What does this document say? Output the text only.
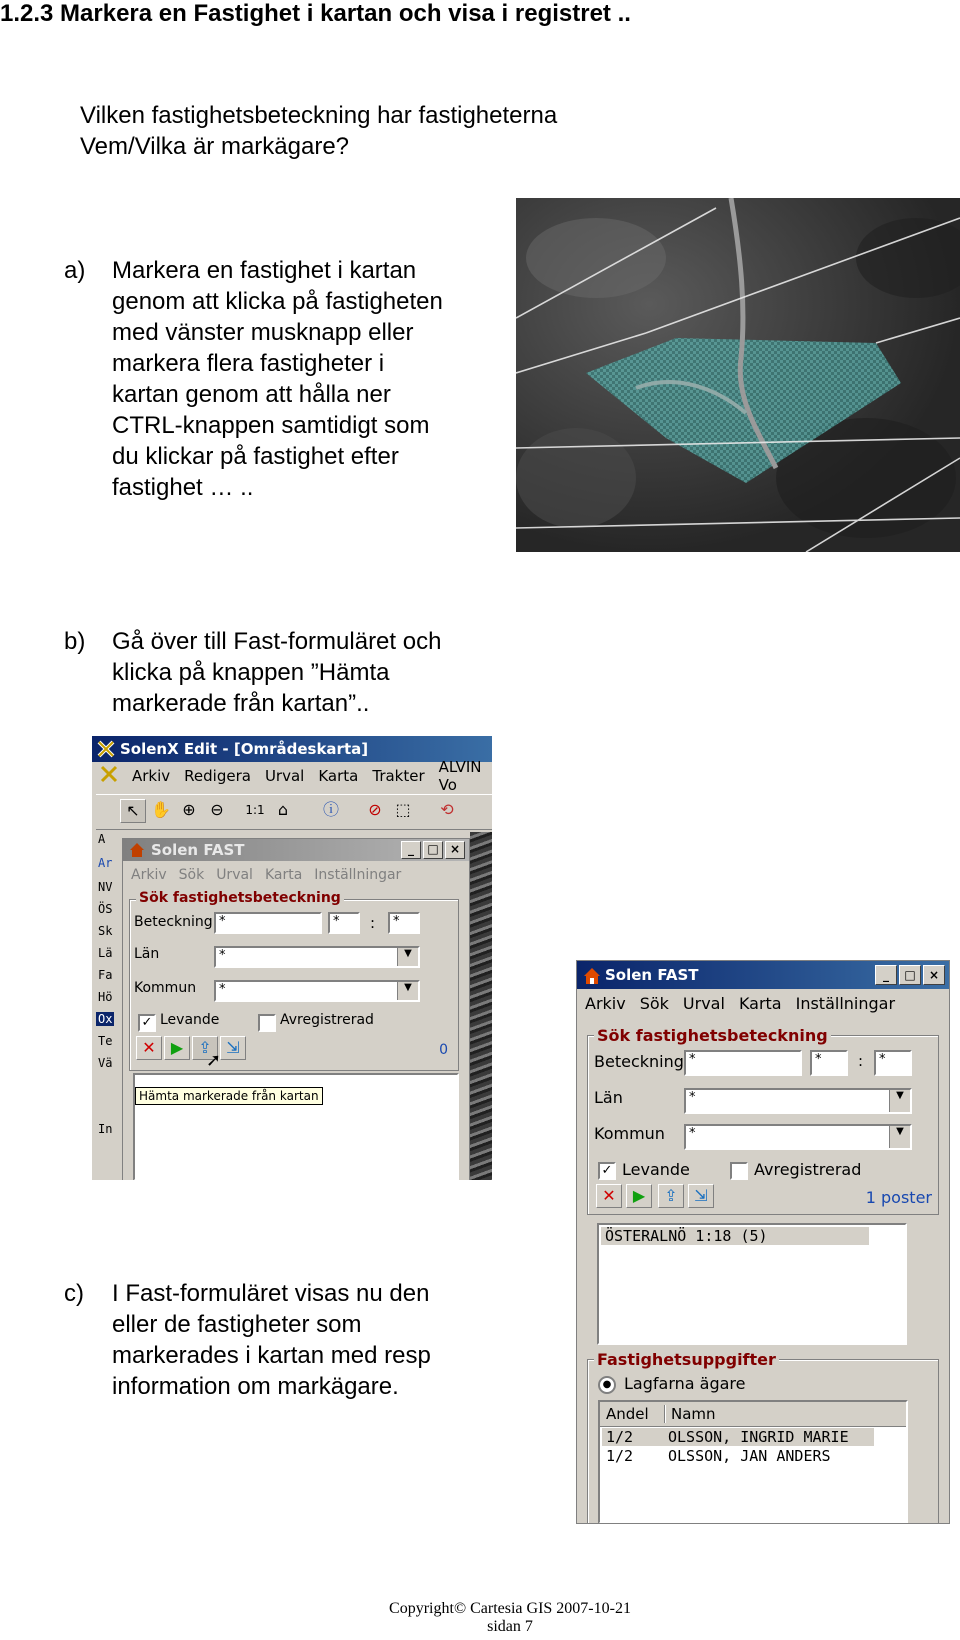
1.2.3 Markera en Fastighet i kartan och visa i registret ..
Vilken fastighetsbeteckning har fastigheterna
Vem/Vilka är markägare?
a) Markera en fastighet i kartan
genom att klicka på fastigheten
med vänster musknapp eller
markera flera fastigheter i
kartan genom att hålla ner
CTRL-knappen samtidigt som
du klickar på fastighet efter
fastighet … ..
b) Gå över till Fast-formuläret och
klicka på knappen ”Hämta
markerade från kartan”..
SolenX Edit - [Områdeskarta]
Arkiv Redigera Urval Karta Trakter ALVIN Vo
↖ ✋ ⊕ ⊖	1:1 ⌂	ⓘ	⊘ ⬚	⟲
A
Ar
NV
ÖS
Sk
Lä
Fa
Hö
Ox
Te
Vä
In
Solen FAST	_	□ ×
Arkiv Sök Urval Karta Inställningar
Sök fastighetsbeteckning
Beteckning *	*	:	*
Län	*	▼
Kommun	*	▼
✓ Levande	Avregistrerad
✕ ▶ ⇪ ⇲
➚	0
Hämta markerade från kartan
Solen FAST	_	□	×
Arkiv Sök Urval Karta Inställningar
Sök fastighetsbeteckning
Beteckning *	*	:	*
Län	*	▼
Kommun	*	▼
✓ Levande	Avregistrerad
✕	▶	⇪	⇲	1 poster
ÖSTERALNÖ 1:18 (5)
Fastighetsuppgifter
● Lagfarna ägare
Andel	Namn
1/2	OLSSON, INGRID MARIE
1/2	OLSSON, JAN ANDERS
c) I Fast-formuläret visas nu den
eller de fastigheter som
markerades i kartan med resp
information om markägare.
Copyright© Cartesia GIS 2007-10-21
sidan 7
